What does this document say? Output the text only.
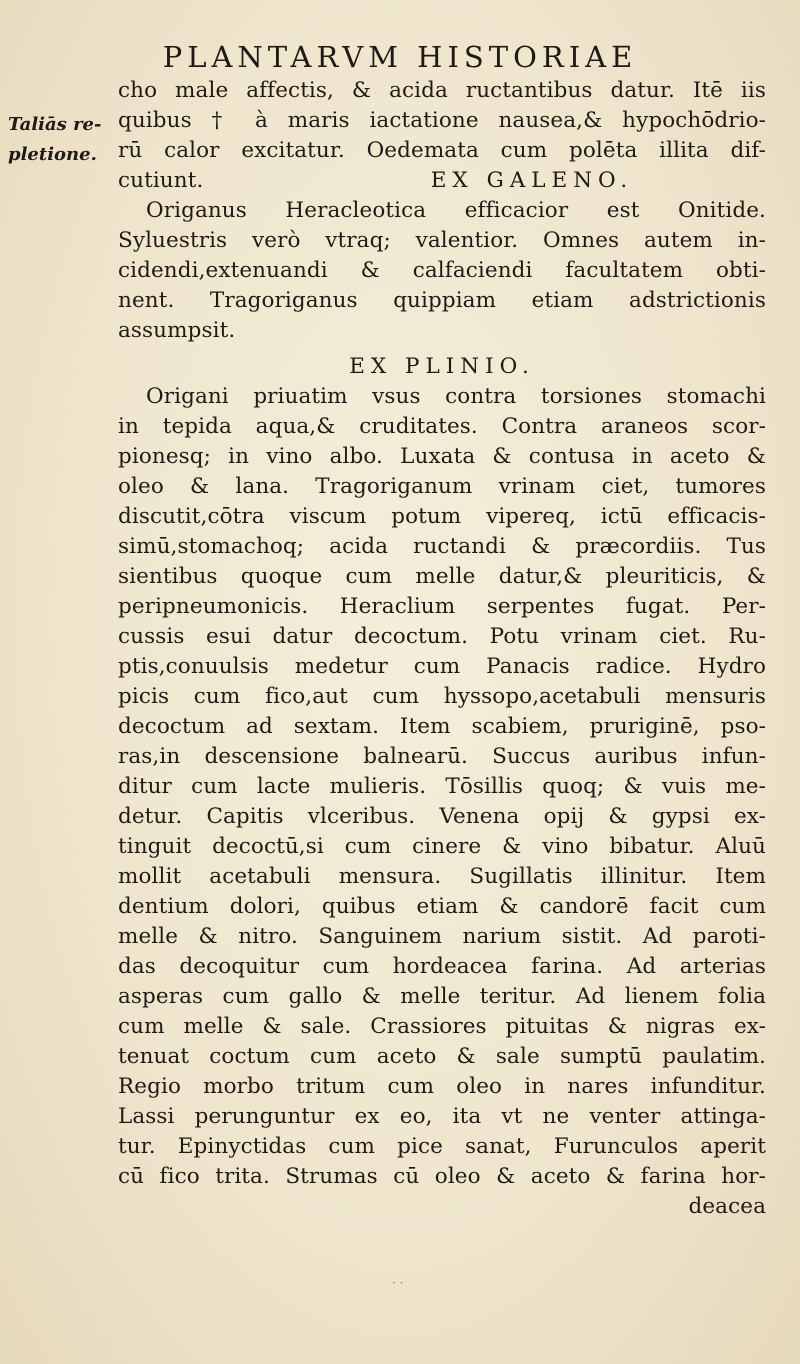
PLANTARVM HISTORIAE
Taliās re-
pletione.
cho male affectis, & acida ructantibus datur. Itē iis
quibus † à maris iactatione nausea,& hypochōdrio-
rū calor excitatur. Oedemata cum polēta illita dif-
cutiunt.	EX GALENO.
Origanus Heracleotica efficacior est Onitide.
Syluestris verò vtraq; valentior. Omnes autem in-
cidendi,extenuandi & calfaciendi facultatem obti-
nent. Tragoriganus quippiam etiam adstrictionis
assumpsit.
EX PLINIO.
Origani priuatim vsus contra torsiones stomachi
in tepida aqua,& cruditates. Contra araneos scor-
pionesq; in vino albo. Luxata & contusa in aceto &
oleo & lana. Tragoriganum vrinam ciet, tumores
discutit,cōtra viscum potum vipereq, ictū efficacis-
simū,stomachoq; acida ructandi & præcordiis. Tus
sientibus quoque cum melle datur,& pleuriticis, &
peripneumonicis. Heraclium serpentes fugat. Per-
cussis esui datur decoctum. Potu vrinam ciet. Ru-
ptis,conuulsis medetur cum Panacis radice. Hydro
picis cum fico,aut cum hyssopo,acetabuli mensuris
decoctum ad sextam. Item scabiem, pruriginē, pso-
ras,in descensione balnearū. Succus auribus infun-
ditur cum lacte mulieris. Tōsillis quoq; & vuis me-
detur. Capitis vlceribus. Venena opij & gypsi ex-
tinguit decoctū,si cum cinere & vino bibatur. Aluū
mollit acetabuli mensura. Sugillatis illinitur. Item
dentium dolori, quibus etiam & candorē facit cum
melle & nitro. Sanguinem narium sistit. Ad paroti-
das decoquitur cum hordeacea farina. Ad arterias
asperas cum gallo & melle teritur. Ad lienem folia
cum melle & sale. Crassiores pituitas & nigras ex-
tenuat coctum cum aceto & sale sumptū paulatim.
Regio morbo tritum cum oleo in nares infunditur.
Lassi perunguntur ex eo, ita vt ne venter attinga-
tur. Epinyctidas cum pice sanat, Furunculos aperit
cū fico trita. Strumas cū oleo & aceto & farina hor-
deacea
· ·
